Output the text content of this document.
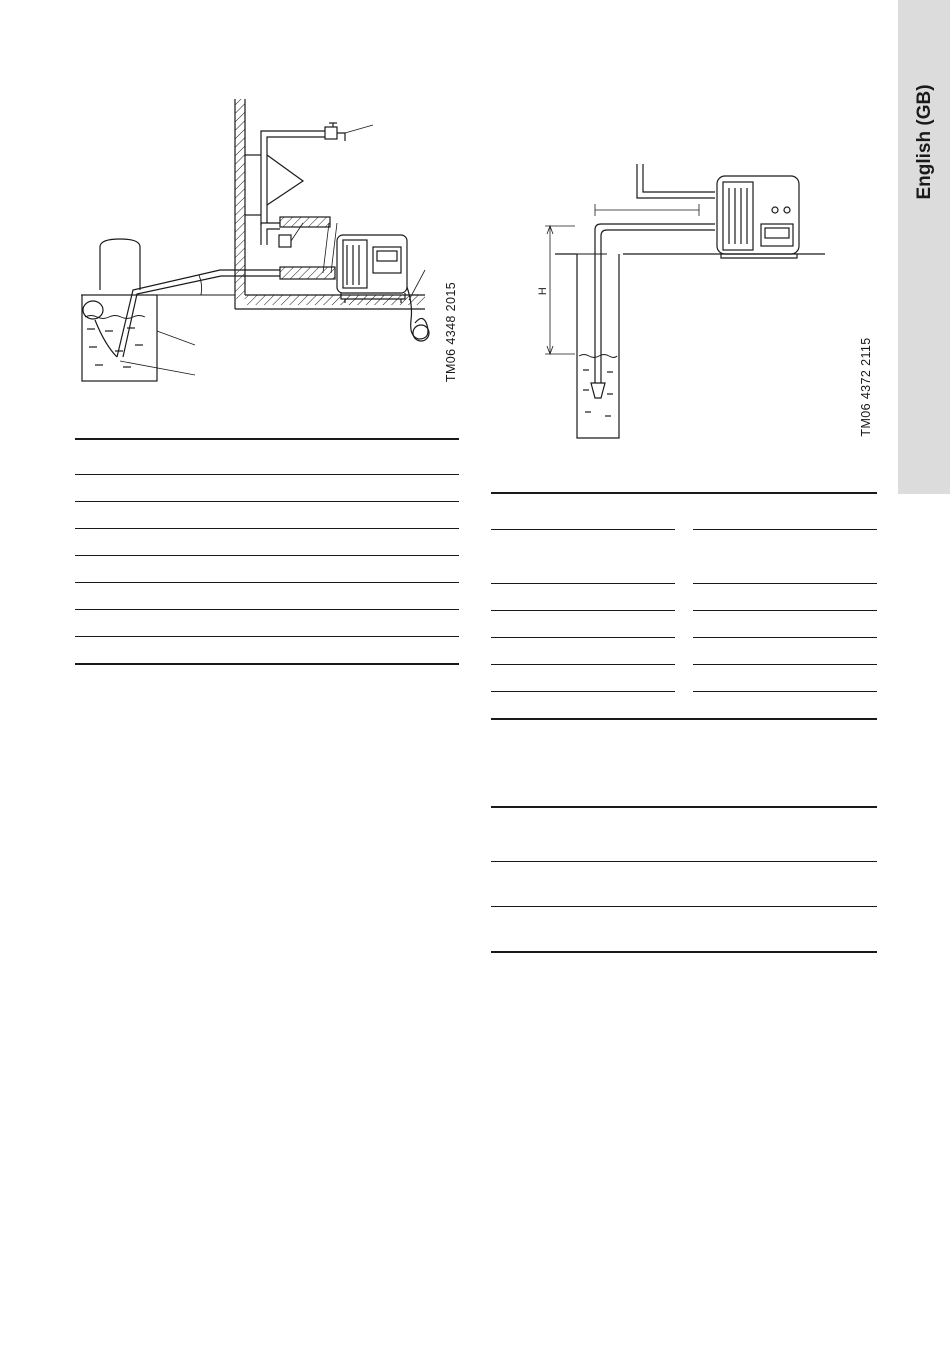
English (GB)
TM06 4348 2015	H
TM06 4372 2115
